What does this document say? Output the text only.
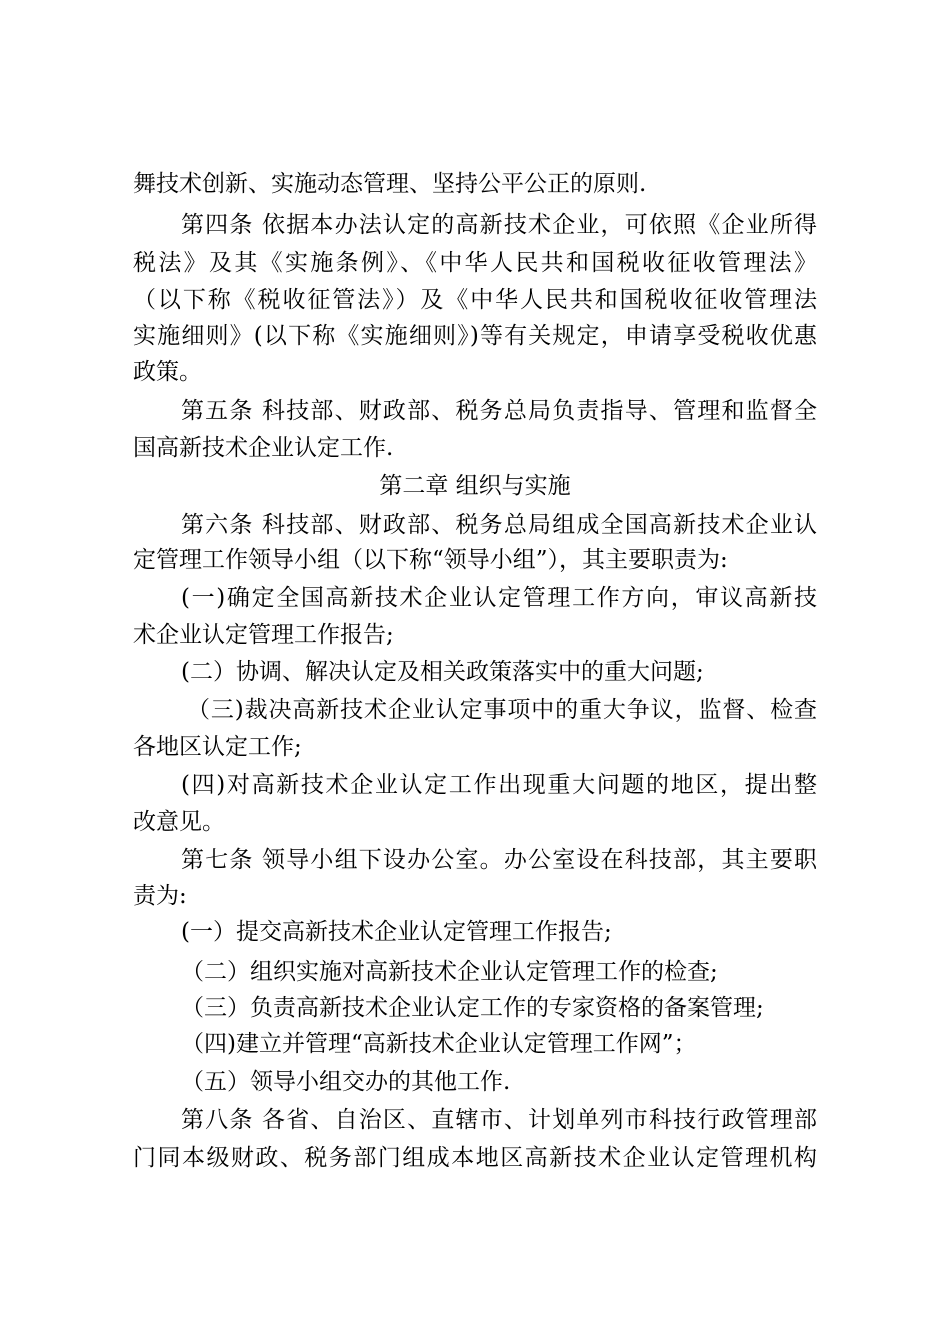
舞技术创新、实施动态管理、坚持公平公正的原则.
第四条 依据本办法认定的高新技术企业，可依照《企业所得
税法》及其《实施条例》、《中华人民共和国税收征收管理法》
（以下称《税收征管法》）及《中华人民共和国税收征收管理法
实施细则》(以下称《实施细则》)等有关规定，申请享受税收优惠
政策。
第五条 科技部、财政部、税务总局负责指导、管理和监督全
国高新技术企业认定工作.
第二章 组织与实施
第六条 科技部、财政部、税务总局组成全国高新技术企业认
定管理工作领导小组（以下称“领导小组”），其主要职责为:
(一)确定全国高新技术企业认定管理工作方向，审议高新技
术企业认定管理工作报告;
(二）协调、解决认定及相关政策落实中的重大问题;
（三)裁决高新技术企业认定事项中的重大争议，监督、检查
各地区认定工作;
(四)对高新技术企业认定工作出现重大问题的地区，提出整
改意见。
第七条 领导小组下设办公室。办公室设在科技部，其主要职
责为:
(一）提交高新技术企业认定管理工作报告;
（二）组织实施对高新技术企业认定管理工作的检查;
（三）负责高新技术企业认定工作的专家资格的备案管理;
（四)建立并管理“高新技术企业认定管理工作网”；
（五）领导小组交办的其他工作.
第八条 各省、自治区、直辖市、计划单列市科技行政管理部
门同本级财政、税务部门组成本地区高新技术企业认定管理机构
